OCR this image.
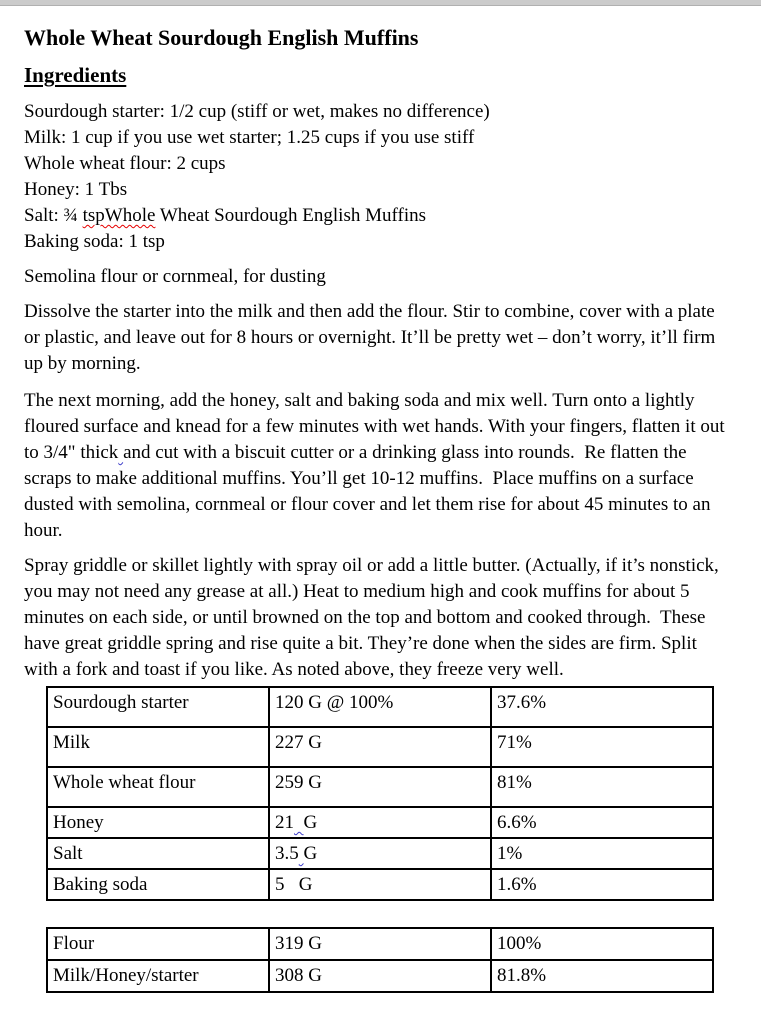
Whole Wheat Sourdough English Muffins
Ingredients
Sourdough starter: 1/2 cup (stiff or wet, makes no difference)
Milk: 1 cup if you use wet starter; 1.25 cups if you use stiff
Whole wheat flour: 2 cups
Honey: 1 Tbs
Salt: ¾ tspWhole Wheat Sourdough English Muffins
Baking soda: 1 tsp

Semolina flour or cornmeal, for dusting

Dissolve the starter into the milk and then add the flour. Stir to combine, cover with a plate or plastic, and leave out for 8 hours or overnight. It’ll be pretty wet – don’t worry, it’ll firm up by morning.

The next morning, add the honey, salt and baking soda and mix well. Turn onto a lightly floured surface and knead for a few minutes with wet hands. With your fingers, flatten it out to 3/4" thick and cut with a biscuit cutter or a drinking glass into rounds.  Re flatten the scraps to make additional muffins. You’ll get 10-12 muffins.  Place muffins on a surface dusted with semolina, cornmeal or flour cover and let them rise for about 45 minutes to an hour.

Spray griddle or skillet lightly with spray oil or add a little butter. (Actually, if it’s nonstick, you may not need any grease at all.) Heat to medium high and cook muffins for about 5 minutes on each side, or until browned on the top and bottom and cooked through.  These have great griddle spring and rise quite a bit. They’re done when the sides are firm. Split with a fork and toast if you like. As noted above, they freeze very well.

Sourdough starter	120 G @ 100%	37.6%
Milk	227 G	71%
Whole wheat flour	259 G	81%
Honey	21 G	6.6%
Salt	3.5 G	1%
Baking soda	5   G	1.6%
Flour	319 G	100%
Milk/Honey/starter	308 G	81.8%
